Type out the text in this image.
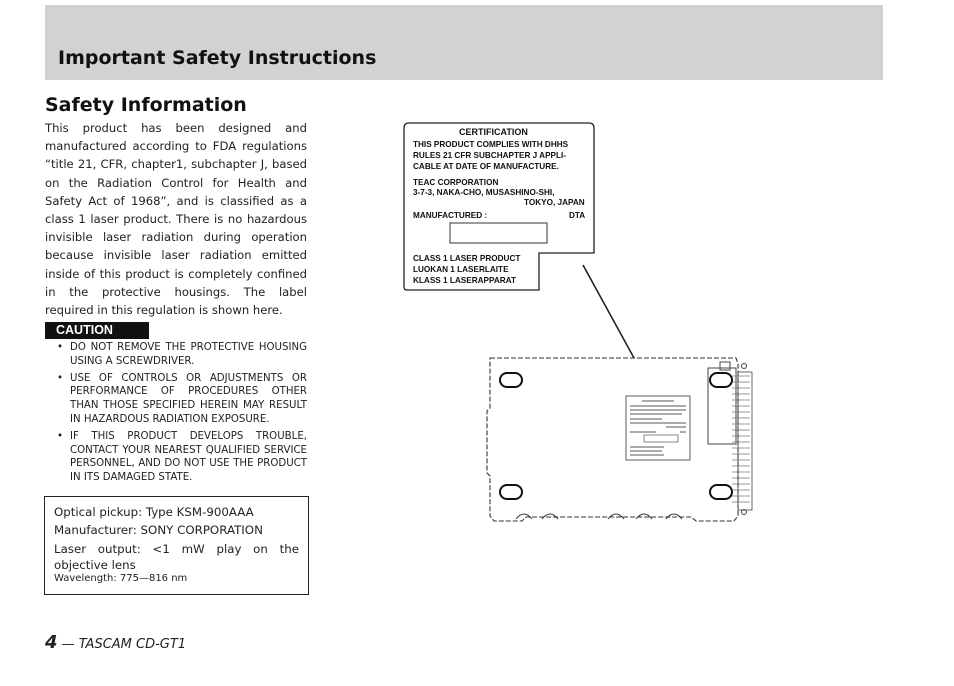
Important Safety Instructions
Safety Information
This product has been designed and manufactured according to FDA regulations “title 21, CFR, chapter1, subchapter J, based on the Radiation Control for Health and Safety Act of 1968”, and is classified as a class 1 laser product. There is no hazardous invisible laser radiation during operation because invisible laser radiation emitted inside of this product is completely confined in the protective housings. The label required in this regulation is shown here.
CAUTION
• DO NOT REMOVE THE PROTECTIVE HOUSING USING A SCREWDRIVER.
• USE OF CONTROLS OR ADJUSTMENTS OR PERFORMANCE OF PROCEDURES OTHER THAN THOSE SPECIFIED HEREIN MAY RESULT IN HAZARDOUS RADIATION EXPOSURE.
• IF THIS PRODUCT DEVELOPS TROUBLE, CONTACT YOUR NEAREST QUALIFIED SERVICE PERSONNEL, AND DO NOT USE THE PRODUCT IN ITS DAMAGED STATE.
Optical pickup: Type KSM-900AAA
Manufacturer: SONY CORPORATION
Laser output: <1 mW play on the objective lens
Wavelength: 775—816 nm
4 — TASCAM CD-GT1
CERTIFICATION
THIS PRODUCT COMPLIES WITH DHHS
RULES 21 CFR SUBCHAPTER J APPLI-
CABLE AT DATE OF MANUFACTURE.
TEAC CORPORATION
3-7-3, NAKA-CHO, MUSASHINO-SHI,
TOKYO, JAPAN
MANUFACTURED :	DTA
CLASS 1 LASER PRODUCT
LUOKAN 1 LASERLAITE
KLASS 1 LASERAPPARAT
